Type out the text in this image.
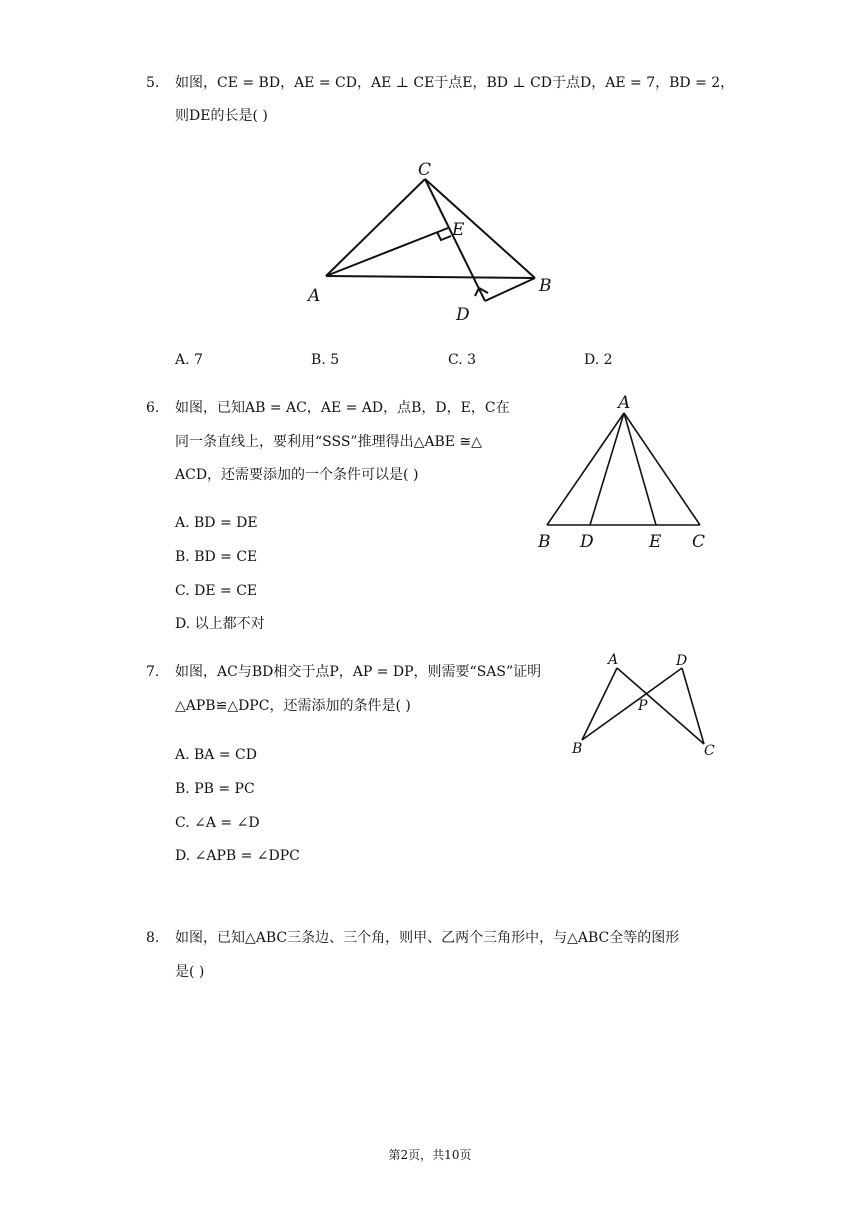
5. 如图，CE = BD，AE = CD，AE ⊥ CE于点E，BD ⊥ CD于点D，AE = 7，BD = 2，
则DE的长是( )
C
E
A	B
D
A. 7	B. 5	C. 3	D. 2
6. 如图，已知AB = AC，AE = AD，点B，D，E，C在
同一条直线上，要利用“SSS”推理得出△ABE ≅△
ACD，还需要添加的一个条件可以是( )
A. BD = DE
B. BD = CE
C. DE = CE
D. 以上都不对
A
B D	E C
7. 如图，AC与BD相交于点P，AP = DP，则需要“SAS”证明
△APB≌△DPC，还需添加的条件是( )
A. BA = CD
B. PB = PC
C. ∠A = ∠D
D. ∠APB = ∠DPC
A	D
P
B	C
8. 如图，已知△ABC三条边、三个角，则甲、乙两个三角形中，与△ABC全等的图形
是( )
第2页，共10页
